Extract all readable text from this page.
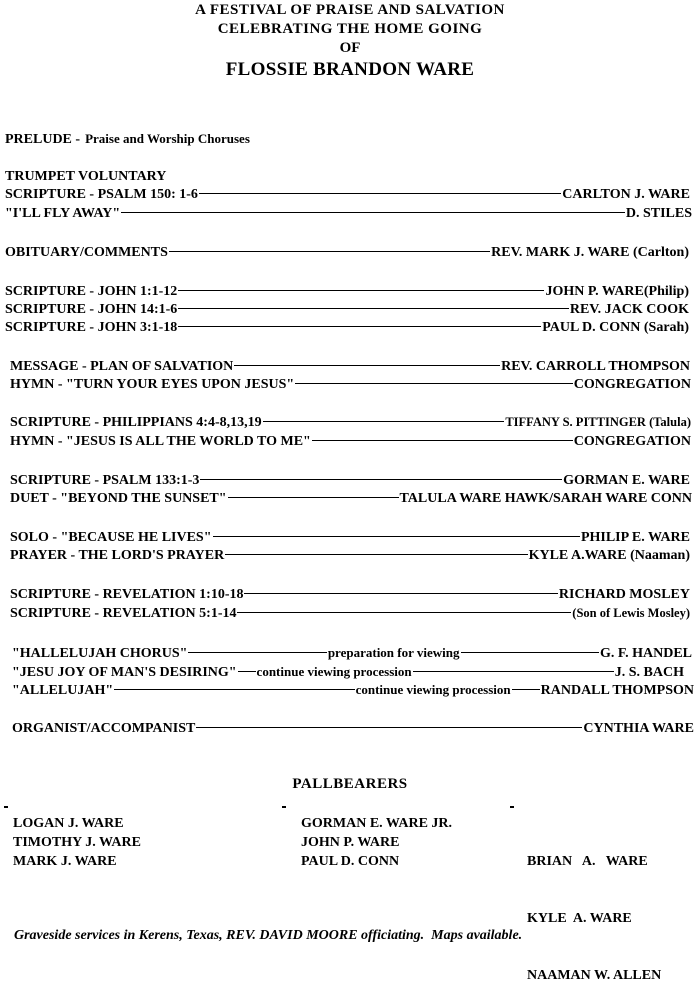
A FESTIVAL OF PRAISE AND SALVATION
CELEBRATING THE HOME GOING
OF
FLOSSIE BRANDON WARE
PRELUDE - Praise and Worship Choruses
TRUMPET VOLUNTARY
SCRIPTURE - PSALM 150: 1-6	CARLTON J. WARE
"I'LL FLY AWAY"	D. STILES
OBITUARY/COMMENTS	REV. MARK J. WARE (Carlton)
SCRIPTURE - JOHN 1:1-12	JOHN P. WARE(Philip)
SCRIPTURE - JOHN 14:1-6	REV. JACK COOK
SCRIPTURE - JOHN 3:1-18	PAUL D. CONN (Sarah)
MESSAGE - PLAN OF SALVATION	REV. CARROLL THOMPSON
HYMN - "TURN YOUR EYES UPON JESUS"	CONGREGATION
SCRIPTURE - PHILIPPIANS 4:4-8,13,19	TIFFANY S. PITTINGER (Talula)
HYMN - "JESUS IS ALL THE WORLD TO ME"	CONGREGATION
SCRIPTURE - PSALM 133:1-3	GORMAN E. WARE
DUET - "BEYOND THE SUNSET"	TALULA WARE HAWK/SARAH WARE CONN
SOLO - "BECAUSE HE LIVES"	PHILIP E. WARE
PRAYER - THE LORD'S PRAYER	KYLE A.WARE (Naaman)
SCRIPTURE - REVELATION 1:10-18	RICHARD MOSLEY
SCRIPTURE - REVELATION 5:1-14	(Son of Lewis Mosley)
"HALLELUJAH CHORUS"	preparation for viewing	G. F. HANDEL
"JESU JOY OF MAN'S DESIRING" continue viewing procession	J. S. BACH
"ALLELUJAH"	continue viewing procession RANDALL THOMPSON
ORGANIST/ACCOMPANIST	CYNTHIA WARE
PALLBEARERS
LOGAN J. WARE
TIMOTHY J. WARE
MARK J. WARE
GORMAN E. WARE JR.
JOHN P. WARE
PAUL D. CONN

	BRIAN   A.   WARE

KYLE  A. WARE

NAAMAN W. ALLEN

Graveside services in Kerens, Texas, REV. DAVID MOORE officiating.  Maps available.
